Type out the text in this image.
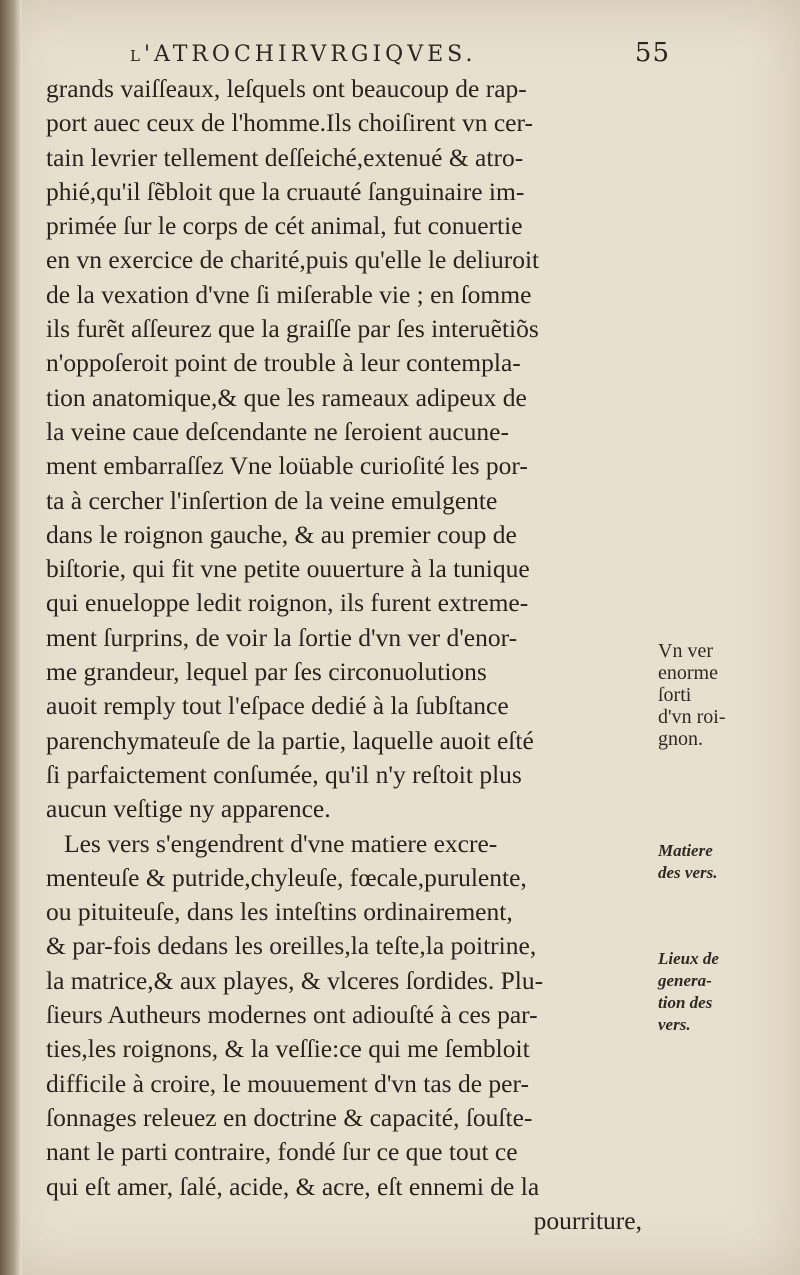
l'ATROCHIRVRGIQVES.	55
grands vaiſſeaux, leſquels ont beaucoup de rap-
port auec ceux de l'homme.Ils choiſirent vn cer-
tain levrier tellement deſſeiché,extenué & atro-
phié,qu'il ſẽbloit que la cruauté ſanguinaire im-
primée ſur le corps de cét animal, fut conuertie
en vn exercice de charité,puis qu'elle le deliuroit
de la vexation d'vne ſi miſerable vie ; en ſomme
ils furẽt aſſeurez que la graiſſe par ſes interuẽtiõs
n'oppoſeroit point de trouble à leur contempla-
tion anatomique,& que les rameaux adipeux de
la veine caue deſcendante ne ſeroient aucune-
ment embarraſſez Vne loüable curioſité les por-
ta à cercher l'inſertion de la veine emulgente
dans le roignon gauche, & au premier coup de
biſtorie, qui fit vne petite ouuerture à la tunique
qui enueloppe ledit roignon, ils furent extreme-
ment ſurprins, de voir la ſortie d'vn ver d'enor-
me grandeur, lequel par ſes circonuolutions
auoit remply tout l'eſpace dedié à la ſubſtance
parenchymateuſe de la partie, laquelle auoit eſté
ſi parfaictement conſumée, qu'il n'y reſtoit plus
aucun veſtige ny apparence.
Les vers s'engendrent d'vne matiere excre-
menteuſe & putride,chyleuſe, fœcale,purulente,
ou pituiteuſe, dans les inteſtins ordinairement,
& par-fois dedans les oreilles,la teſte,la poitrine,
la matrice,& aux playes, & vlceres ſordides. Plu-
ſieurs Autheurs modernes ont adiouſté à ces par-
ties,les roignons, & la veſſie:ce qui me ſembloit
difficile à croire, le mouuement d'vn tas de per-
ſonnages releuez en doctrine & capacité, ſouſte-
nant le parti contraire, fondé ſur ce que tout ce
qui eſt amer, ſalé, acide, & acre, eſt ennemi de la
pourriture,
Vn ver
enorme
ſorti
d'vn roi-
gnon.
Matiere
des vers.
Lieux de
genera-
tion des
vers.
